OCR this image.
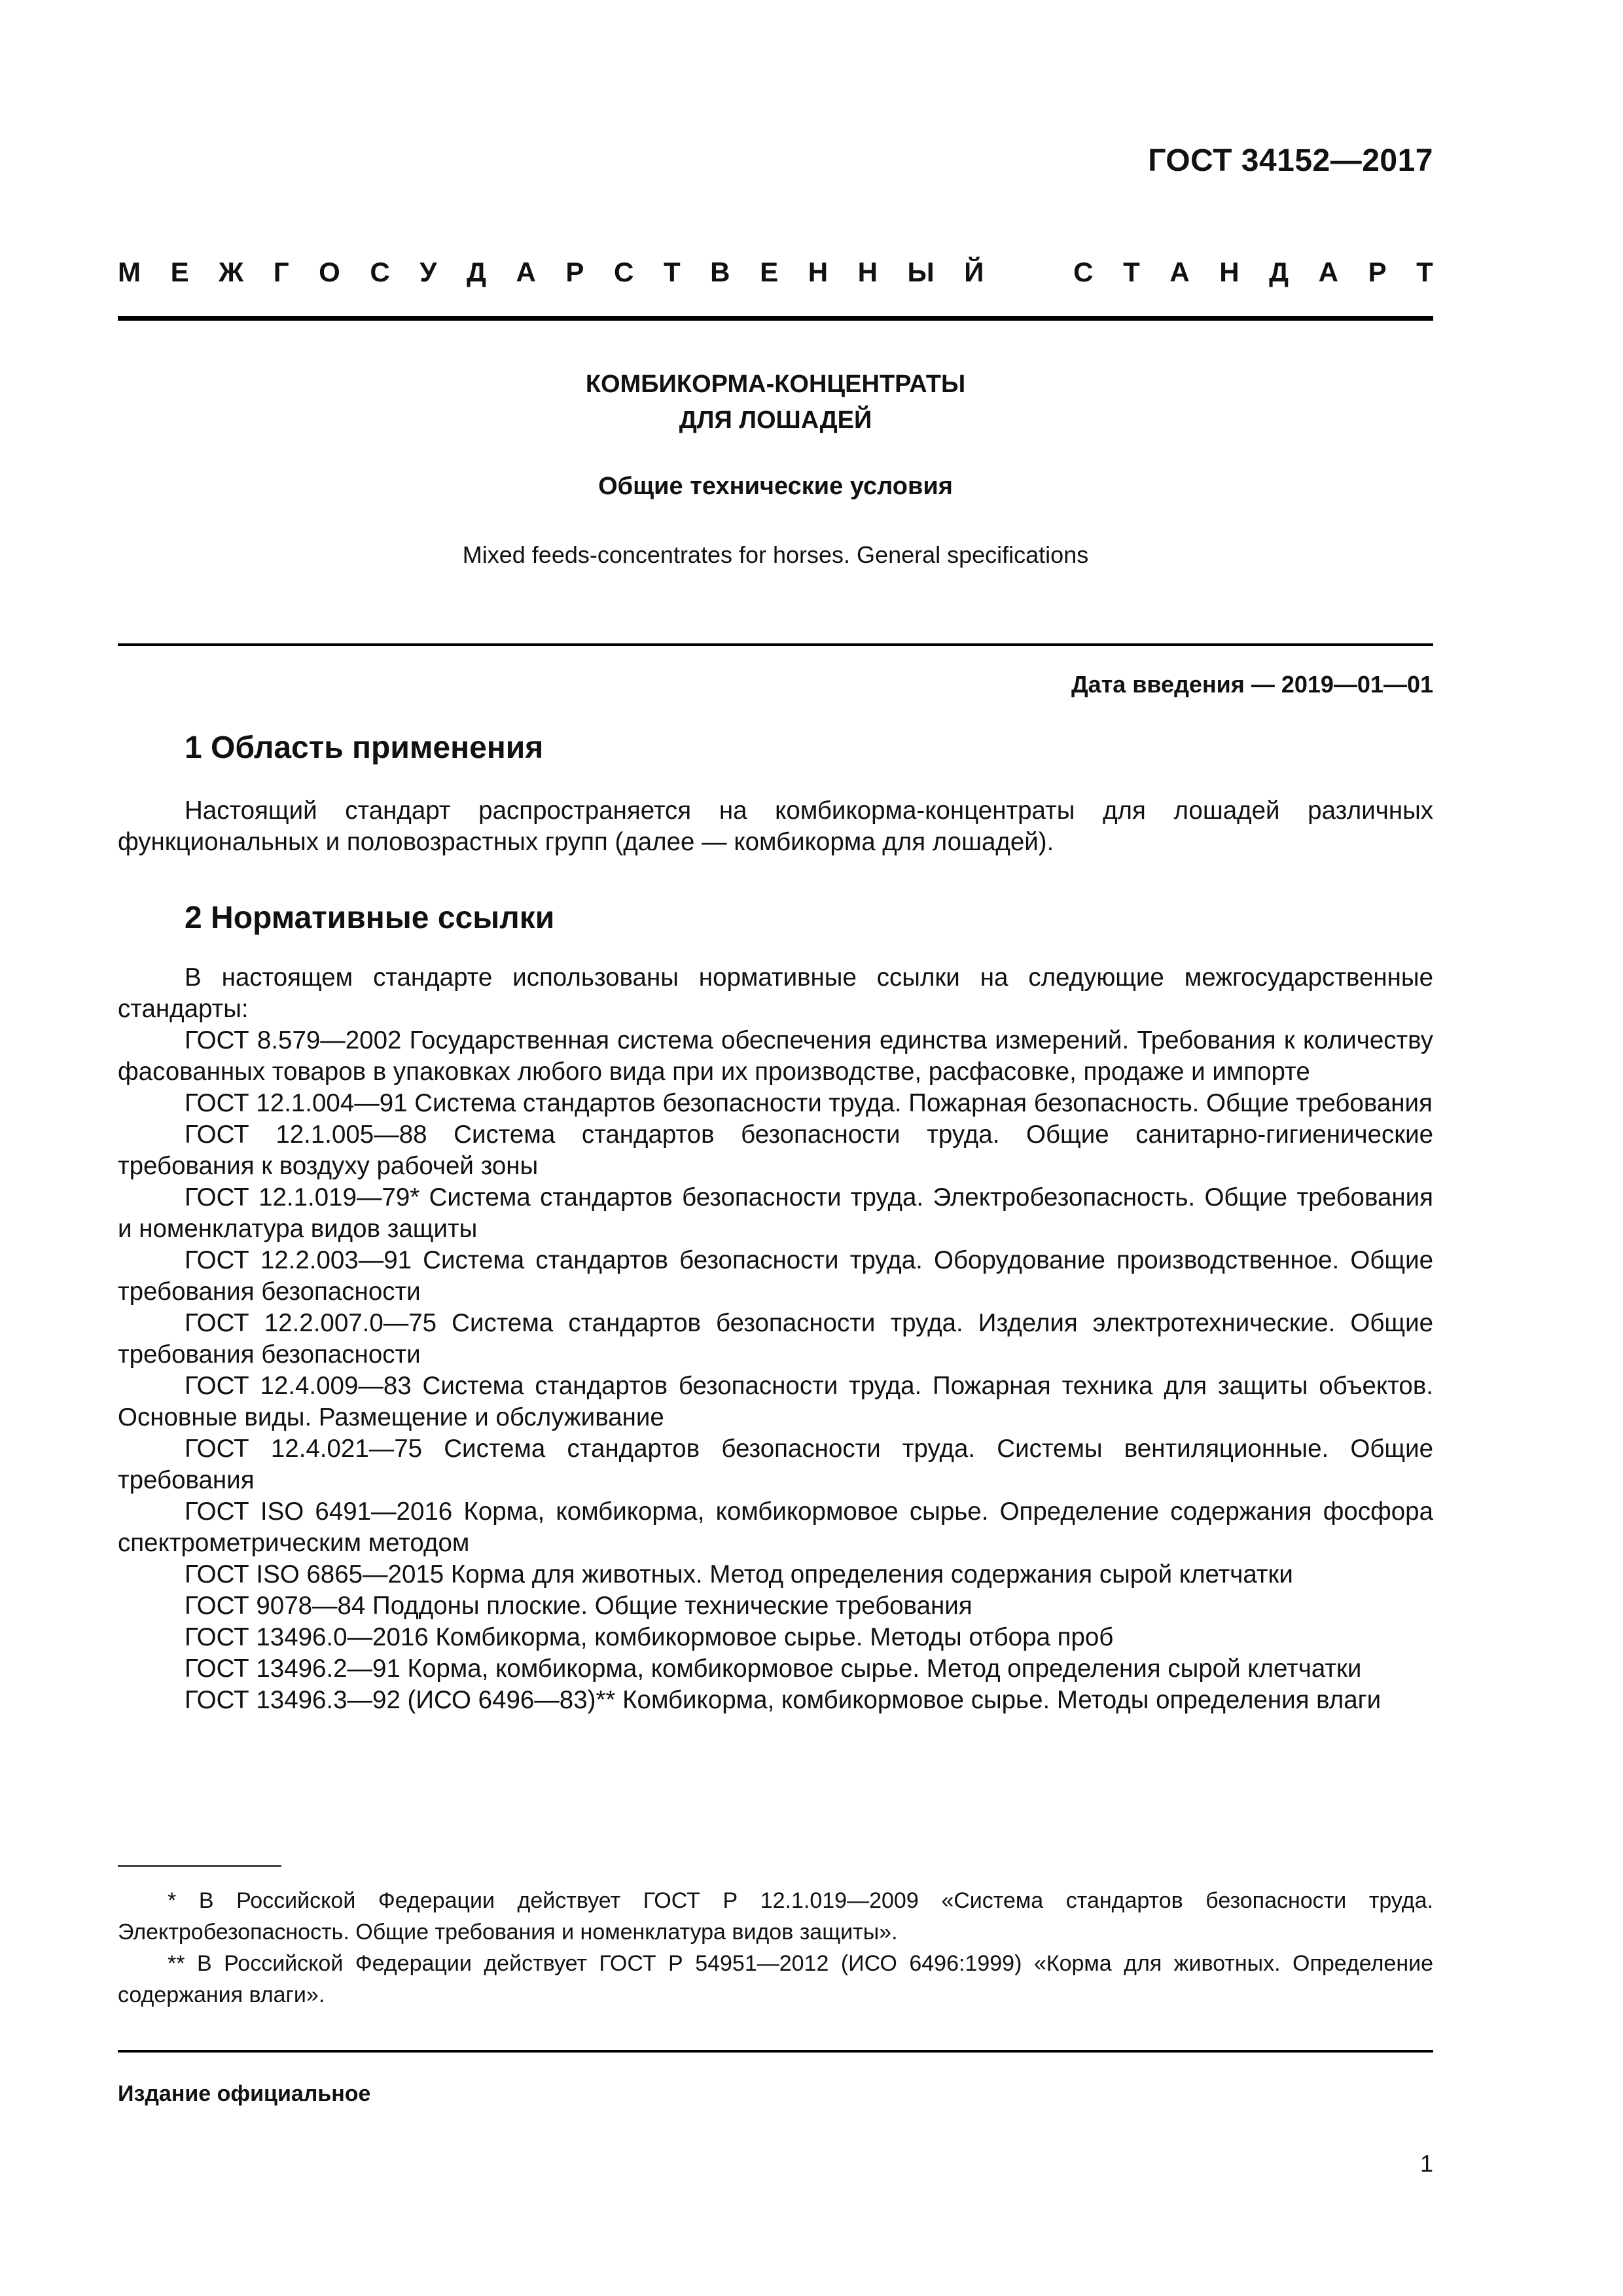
ГОСТ 34152—2017
М Е Ж Г О С У Д А Р С Т В Е Н Н Ы Й	С Т А Н Д А Р Т
КОМБИКОРМА-КОНЦЕНТРАТЫ
ДЛЯ ЛОШАДЕЙ
Общие технические условия
Mixed feeds-concentrates for horses. General specifications
Дата введения — 2019—01—01
1 Область применения

Настоящий стандарт распространяется на комбикорма-концентраты для лошадей различных функциональных и половозрастных групп (далее — комбикорма для лошадей).

2 Нормативные ссылки

В настоящем стандарте использованы нормативные ссылки на следующие межгосударственные стандарты:

ГОСТ 8.579—2002 Государственная система обеспечения единства измерений. Требования к количеству фасованных товаров в упаковках любого вида при их производстве, расфасовке, продаже и импорте

ГОСТ 12.1.004—91 Система стандартов безопасности труда. Пожарная безопасность. Общие требования

ГОСТ 12.1.005—88 Система стандартов безопасности труда. Общие санитарно-гигиенические требования к воздуху рабочей зоны

ГОСТ 12.1.019—79* Система стандартов безопасности труда. Электробезопасность. Общие требования и номенклатура видов защиты

ГОСТ 12.2.003—91 Система стандартов безопасности труда. Оборудование производственное. Общие требования безопасности

ГОСТ 12.2.007.0—75 Система стандартов безопасности труда. Изделия электротехнические. Общие требования безопасности

ГОСТ 12.4.009—83 Система стандартов безопасности труда. Пожарная техника для защиты объектов. Основные виды. Размещение и обслуживание

ГОСТ 12.4.021—75 Система стандартов безопасности труда. Системы вентиляционные. Общие требования

ГОСТ ISO 6491—2016 Корма, комбикорма, комбикормовое сырье. Определение содержания фосфора спектрометрическим методом

ГОСТ ISO 6865—2015 Корма для животных. Метод определения содержания сырой клетчатки

ГОСТ 9078—84 Поддоны плоские. Общие технические требования

ГОСТ 13496.0—2016 Комбикорма, комбикормовое сырье. Методы отбора проб

ГОСТ 13496.2—91 Корма, комбикорма, комбикормовое сырье. Метод определения сырой клетчатки

ГОСТ 13496.3—92 (ИСО 6496—83)** Комбикорма, комбикормовое сырье. Методы определения влаги

* В Российской Федерации действует ГОСТ Р 12.1.019—2009 «Система стандартов безопасности труда. Электробезопасность. Общие требования и номенклатура видов защиты».

** В Российской Федерации действует ГОСТ Р 54951—2012 (ИСО 6496:1999) «Корма для животных. Определение содержания влаги».

Издание официальное
1
